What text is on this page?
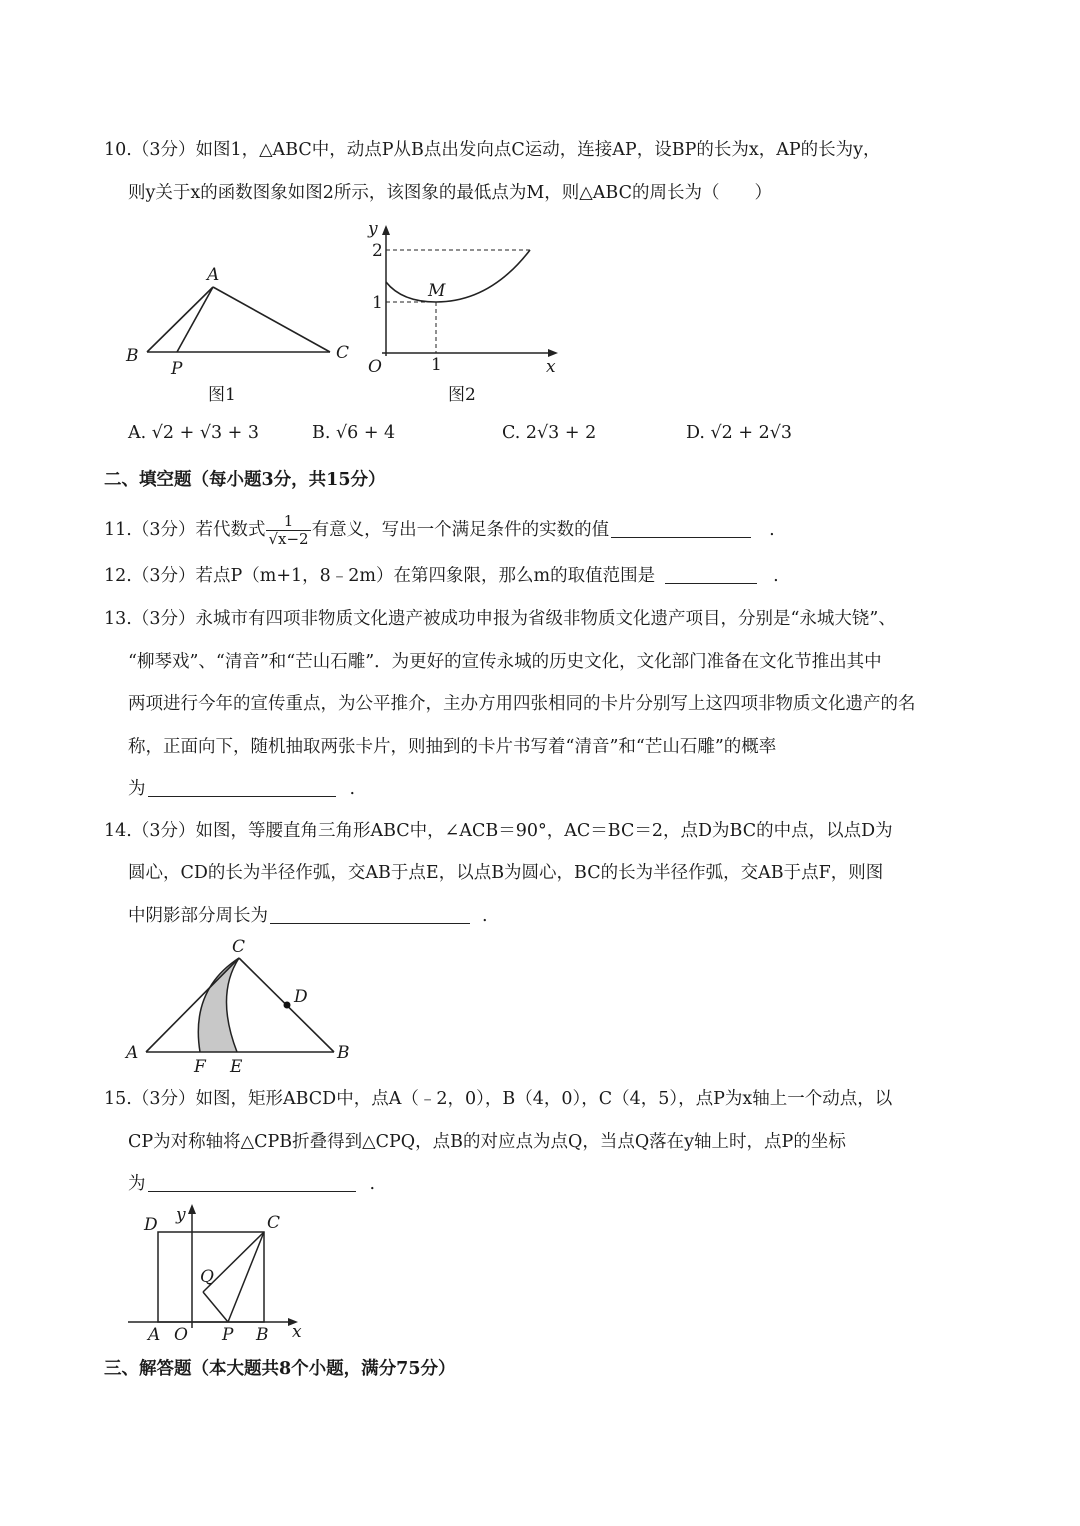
10.（3分）如图1，△ABC中，动点P从B点出发向点C运动，连接AP，设BP的长为x，AP的长为y，
则y关于x的函数图象如图2所示，该图象的最低点为M，则△ABC的周长为（　　）
A
B	C
P
图1
y
2
1
M
O	1	x
图2
A. √2 + √3 + 3	B. √6 + 4	C. 2√3 + 2	D. √2 + 2√3
二、填空题（每小题3分，共15分）
11.（3分）若代数式 $\frac{1}{√x-2}$ 有意义，写出一个满足条件的实数的值	.
12.（3分）若点P（m+1，8﹣2m）在第四象限，那么m的取值范围是	.
13.（3分）永城市有四项非物质文化遗产被成功申报为省级非物质文化遗产项目，分别是“永城大铙”、
“柳琴戏”、“清音”和“芒山石雕”．为更好的宣传永城的历史文化，文化部门准备在文化节推出其中
两项进行今年的宣传重点，为公平推介，主办方用四张相同的卡片分别写上这四项非物质文化遗产的名
称，正面向下，随机抽取两张卡片，则抽到的卡片书写着“清音”和“芒山石雕”的概率
为	.
14.（3分）如图，等腰直角三角形ABC中，∠ACB＝90°，AC＝BC＝2，点D为BC的中点，以点D为
圆心，CD的长为半径作弧，交AB于点E，以点B为圆心，BC的长为半径作弧，交AB于点F，则图
中阴影部分周长为	.
C
D
A	B
F E
15.（3分）如图，矩形ABCD中，点A（﹣2，0），B（4，0），C（4，5），点P为x轴上一个动点，以
CP为对称轴将△CPB折叠得到△CPQ，点B的对应点为点Q，当点Q落在y轴上时，点P的坐标
为	.
D y	C
Q
A O P B x
三、解答题（本大题共8个小题，满分75分）
